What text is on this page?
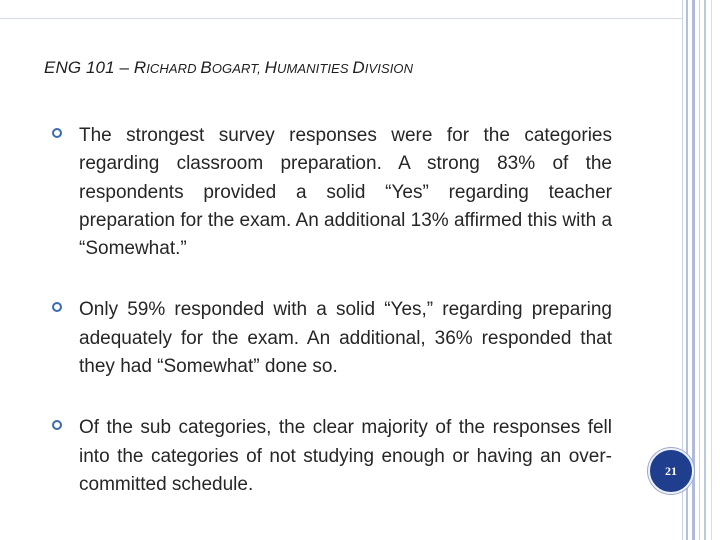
ENG 101 – RICHARD BOGART, HUMANITIES DIVISION
The strongest survey responses were for the categories regarding classroom preparation. A strong 83% of the respondents provided a solid “Yes” regarding teacher preparation for the exam. An additional 13% affirmed this with a “Somewhat.”
Only 59% responded with a solid “Yes,” regarding preparing adequately for the exam. An additional, 36% responded that they had “Somewhat” done so.
Of the sub categories, the clear majority of the responses fell into the categories of not studying enough or having an over-committed schedule.
21
